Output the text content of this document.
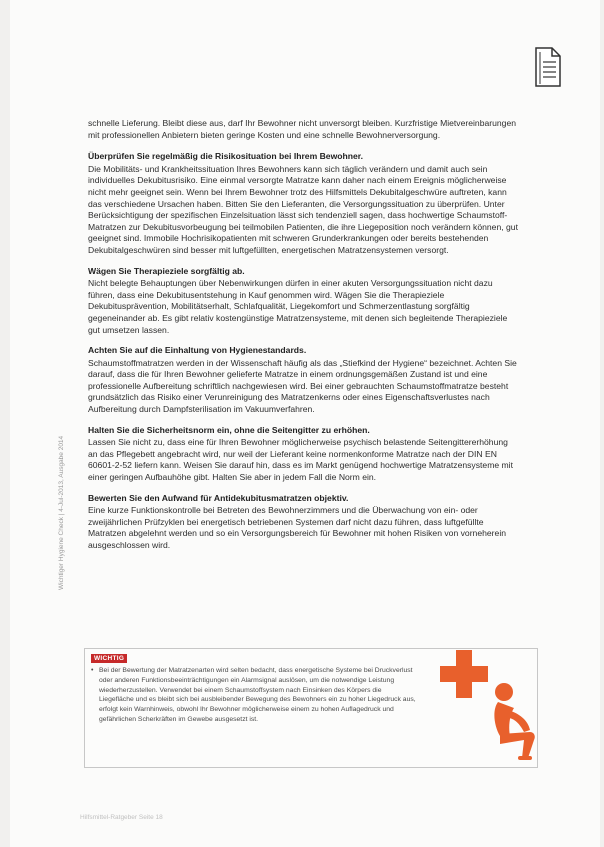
schnelle Lieferung. Bleibt diese aus, darf Ihr Bewohner nicht unversorgt bleiben. Kurzfristige Mietvereinbarungen mit professionellen Anbietern bieten geringe Kosten und eine schnelle Bewohnerversorgung.

Überprüfen Sie regelmäßig die Risikosituation bei Ihrem Bewohner.

Die Mobilitäts- und Krankheitssituation Ihres Bewohners kann sich täglich verändern und damit auch sein individuelles Dekubitusrisiko. Eine einmal versorgte Matratze kann daher nach einem Ereignis möglicherweise nicht mehr geeignet sein. Wenn bei Ihrem Bewohner trotz des Hilfsmittels Dekubitalgeschwüre auftreten, kann das verschiedene Ursachen haben. Bitten Sie den Lieferanten, die Versorgungssituation zu überprüfen. Unter Berücksichtigung der spezifischen Einzelsituation lässt sich tendenziell sagen, dass hochwertige Schaumstoff-Matratzen zur Dekubitusvorbeugung bei teilmobilen Patienten, die ihre Liegeposition noch verändern können, gut geeignet sind. Immobile Hochrisikopatienten mit schweren Grunderkrankungen oder bereits bestehenden Dekubitalgeschwüren sind besser mit luftgefüllten, energetischen Matratzensystemen versorgt.

Wägen Sie Therapieziele sorgfältig ab.

Nicht belegte Behauptungen über Nebenwirkungen dürfen in einer akuten Versorgungssituation nicht dazu führen, dass eine Dekubitusentstehung in Kauf genommen wird. Wägen Sie die Therapieziele Dekubitusprävention, Mobilitätserhalt, Schlafqualität, Liegekomfort und Schmerzentlastung sorgfältig gegeneinander ab. Es gibt relativ kostengünstige Matratzensysteme, mit denen sich begleitende Therapieziele gut umsetzen lassen.

Achten Sie auf die Einhaltung von Hygienestandards.

Schaumstoffmatratzen werden in der Wissenschaft häufig als das „Stiefkind der Hygiene“ bezeichnet. Achten Sie darauf, dass die für Ihren Bewohner gelieferte Matratze in einem ordnungsgemäßen Zustand ist und eine professionelle Aufbereitung schriftlich nachgewiesen wird. Bei einer gebrauchten Schaumstoffmatratze besteht grundsätzlich das Risiko einer Verunreinigung des Matratzenkerns oder eines Eigenschaftsverlustes nach Aufbereitung durch Dampfsterilisation im Vakuumverfahren.

Halten Sie die Sicherheitsnorm ein, ohne die Seitengitter zu erhöhen.

Lassen Sie nicht zu, dass eine für Ihren Bewohner möglicherweise psychisch belastende Seitengittererhöhung an das Pflegebett angebracht wird, nur weil der Lieferant keine normenkonforme Matratze nach der DIN EN 60601-2-52 liefern kann. Weisen Sie darauf hin, dass es im Markt genügend hochwertige Matratzensysteme mit einer geringen Aufbauhöhe gibt. Halten Sie aber in jedem Fall die Norm ein.

Bewerten Sie den Aufwand für Antidekubitusmatratzen objektiv.

Eine kurze Funktionskontrolle bei Betreten des Bewohnerzimmers und die Überwachung von ein- oder zweijährlichen Prüfzyklen bei energetisch betriebenen Systemen darf nicht dazu führen, dass luftgefüllte Matratzen abgelehnt werden und so ein Versorgungsbereich für Bewohner mit hohen Risiken von vorneherein ausgeschlossen wird.

Wichtiger Hygiene Check | 4-Jul-2013, Ausgabe 2014
WICHTIG
• Bei der Bewertung der Matratzenarten wird selten bedacht, dass energetische Systeme bei Druckverlust oder anderen Funktionsbeeinträchtigungen ein Alarmsignal auslösen, um die notwendige Leistung wiederherzustellen. Verwendet bei einem Schaumstoffsystem nach Einsinken des Körpers die Liegefläche und es bleibt sich bei ausbleibender Bewegung des Bewohners ein zu hoher Liegedruck aus, erfolgt kein Warnhinweis, obwohl Ihr Bewohner möglicherweise einem zu hohen Auflagedruck und gefährlichen Scherkräften im Gewebe ausgesetzt ist.
Hilfsmittel-Ratgeber Seite 18
